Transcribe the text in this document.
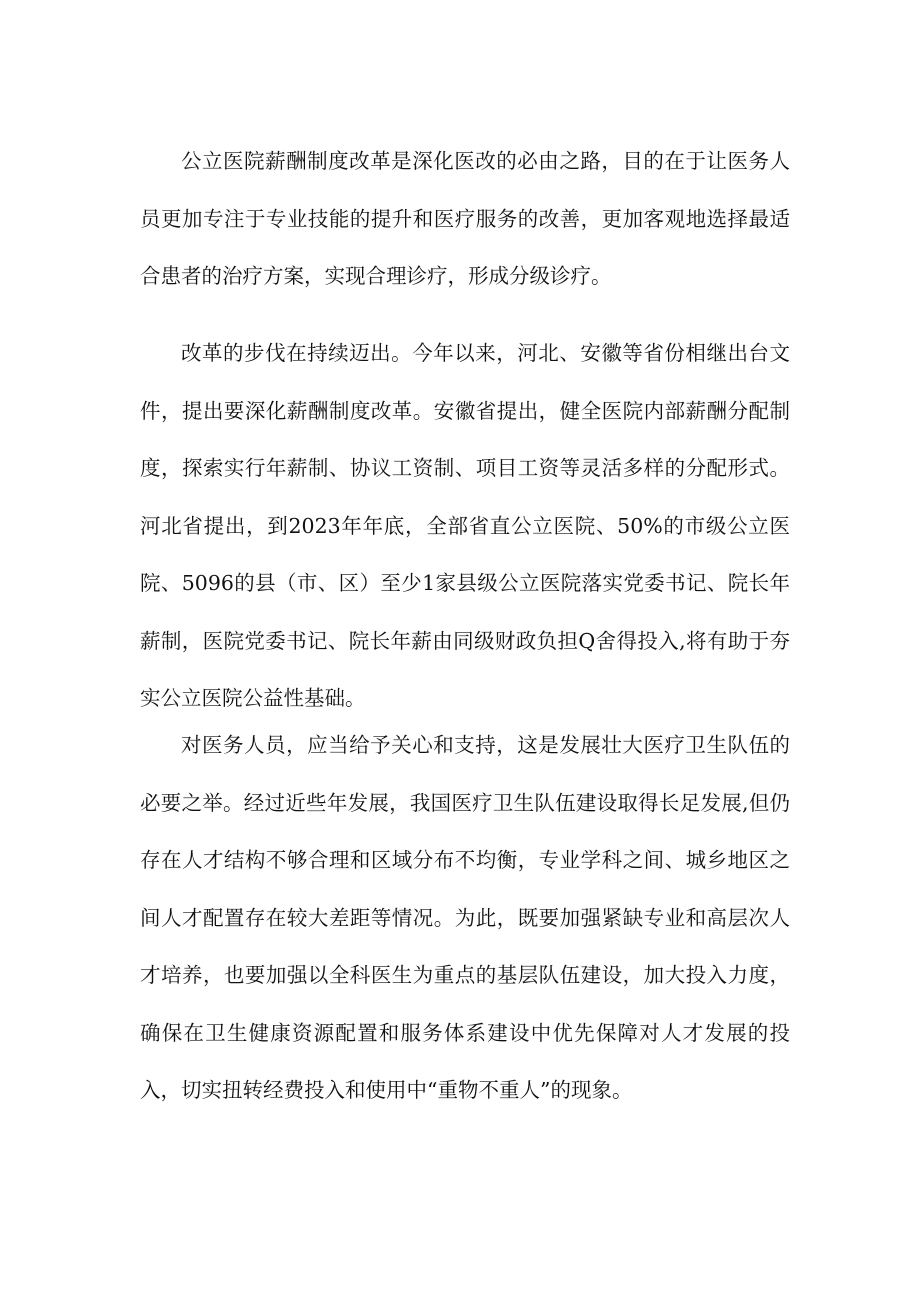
公立医院薪酬制度改革是深化医改的必由之路，目的在于让医务人员更加专注于专业技能的提升和医疗服务的改善，更加客观地选择最适合患者的治疗方案，实现合理诊疗，形成分级诊疗。

改革的步伐在持续迈出。今年以来，河北、安徽等省份相继出台文件，提出要深化薪酬制度改革。安徽省提出，健全医院内部薪酬分配制度，探索实行年薪制、协议工资制、项目工资等灵活多样的分配形式。河北省提出，到2023年年底，全部省直公立医院、50%的市级公立医院、5096的县（市、区）至少1家县级公立医院落实党委书记、院长年薪制，医院党委书记、院长年薪由同级财政负担Q舍得投入,将有助于夯实公立医院公益性基础。

对医务人员，应当给予关心和支持，这是发展壮大医疗卫生队伍的必要之举。经过近些年发展，我国医疗卫生队伍建设取得长足发展,但仍存在人才结构不够合理和区域分布不均衡，专业学科之间、城乡地区之间人才配置存在较大差距等情况。为此，既要加强紧缺专业和高层次人才培养，也要加强以全科医生为重点的基层队伍建设，加大投入力度，确保在卫生健康资源配置和服务体系建设中优先保障对人才发展的投入，切实扭转经费投入和使用中“重物不重人”的现象。
